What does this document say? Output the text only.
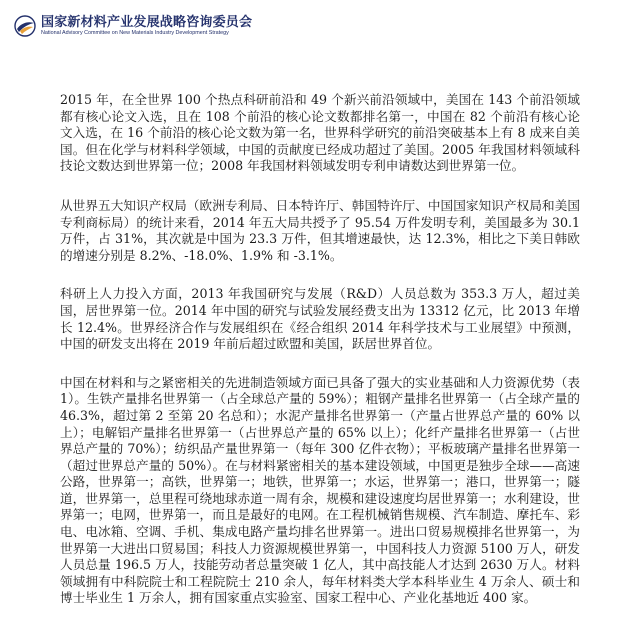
国家新材料产业发展战略咨询委员会
National Advisory Committee on New Materials Industry Development Strategy

2015 年，在全世界 100 个热点科研前沿和 49 个新兴前沿领域中，美国在 143 个前沿领域都有核心论文入选，且在 108 个前沿的核心论文数都排名第一，中国在 82 个前沿有核心论文入选，在 16 个前沿的核心论文数为第一名，世界科学研究的前沿突破基本上有 8 成来自美国。但在化学与材料科学领域，中国的贡献度已经成功超过了美国。2005 年我国材料领域科技论文数达到世界第一位；2008 年我国材料领域发明专利申请数达到世界第一位。

从世界五大知识产权局（欧洲专利局、日本特许厅、韩国特许厅、中国国家知识产权局和美国专利商标局）的统计来看，2014 年五大局共授予了 95.54 万件发明专利，美国最多为 30.1 万件，占 31%，其次就是中国为 23.3 万件，但其增速最快，达 12.3%，相比之下美日韩欧的增速分别是 8.2%、-18.0%、1.9% 和 -3.1%。

科研上人力投入方面，2013 年我国研究与发展（R&D）人员总数为 353.3 万人，超过美国，居世界第一位。2014 年中国的研究与试验发展经费支出为 13312 亿元，比 2013 年增长 12.4%。世界经济合作与发展组织在《经合组织 2014 年科学技术与工业展望》中预测，中国的研发支出将在 2019 年前后超过欧盟和美国，跃居世界首位。

中国在材料和与之紧密相关的先进制造领域方面已具备了强大的实业基础和人力资源优势（表 1）。生铁产量排名世界第一（占全球总产量的 59%）；粗钢产量排名世界第一（占全球产量的 46.3%，超过第 2 至第 20 名总和）；水泥产量排名世界第一（产量占世界总产量的 60% 以上）；电解铝产量排名世界第一（占世界总产量的 65% 以上）；化纤产量排名世界第一（占世界总产量的 70%）；纺织品产量世界第一（每年 300 亿件衣物）；平板玻璃产量排名世界第一（超过世界总产量的 50%）。在与材料紧密相关的基本建设领域，中国更是独步全球——高速公路，世界第一；高铁，世界第一；地铁，世界第一；水运，世界第一；港口，世界第一；隧道，世界第一，总里程可绕地球赤道一周有余，规模和建设速度均居世界第一；水利建设，世界第一；电网，世界第一，而且是最好的电网。在工程机械销售规模、汽车制造、摩托车、彩电、电冰箱、空调、手机、集成电路产量均排名世界第一。进出口贸易规模排名世界第一，为世界第一大进出口贸易国；科技人力资源规模世界第一，中国科技人力资源 5100 万人，研发人员总量 196.5 万人，技能劳动者总量突破 1 亿人，其中高技能人才达到 2630 万人。材料领域拥有中科院院士和工程院院士 210 余人，每年材料类大学本科毕业生 4 万余人、硕士和博士毕业生 1 万余人，拥有国家重点实验室、国家工程中心、产业化基地近 400 家。
